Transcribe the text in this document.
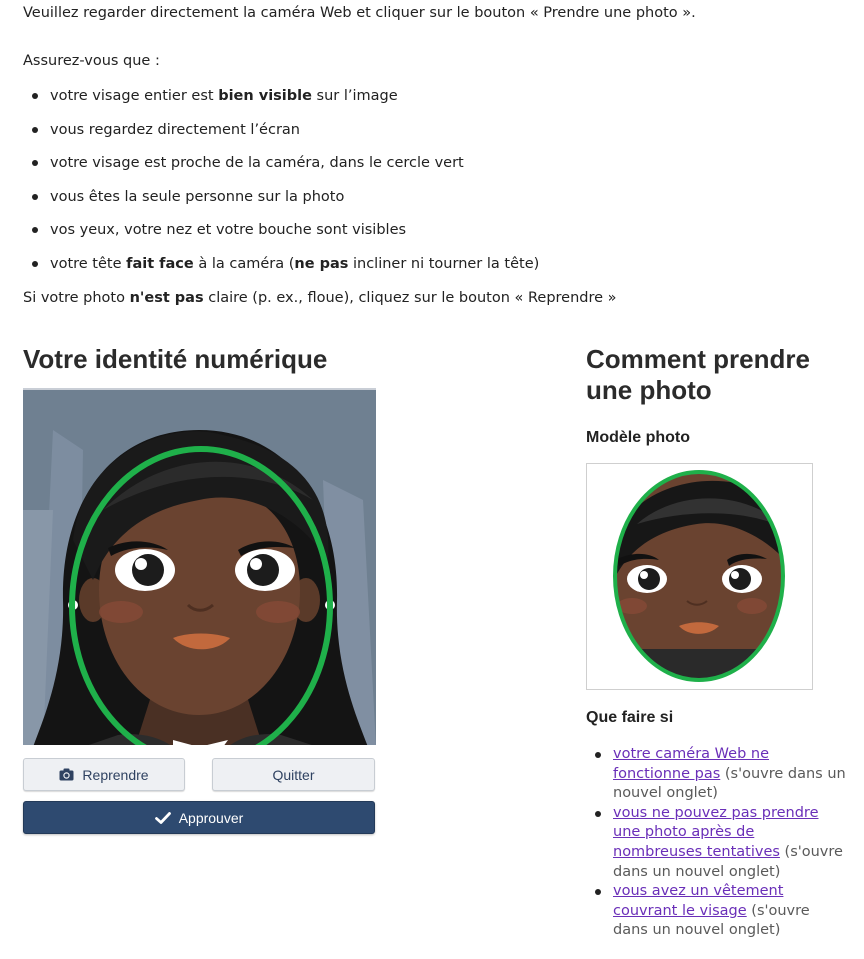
Veuillez regarder directement la caméra Web et cliquer sur le bouton « Prendre une photo ».

Assurez-vous que :

votre visage entier est bien visible sur l’image
vous regardez directement l’écran
votre visage est proche de la caméra, dans le cercle vert
vous êtes la seule personne sur la photo
vos yeux, votre nez et votre bouche sont visibles
votre tête fait face à la caméra (ne pas incliner ni tourner la tête)

Si votre photo n'est pas claire (p. ex., floue), cliquez sur le bouton « Reprendre »

Votre identité numérique
Reprendre	Quitter
Approuver
Comment prendre une photo
Modèle photo
Que faire si
votre caméra Web ne fonctionne pas (s'ouvre dans un nouvel onglet)
vous ne pouvez pas prendre une photo après de nombreuses tentatives (s'ouvre dans un nouvel onglet)
vous avez un vêtement couvrant le visage (s'ouvre dans un nouvel onglet)
